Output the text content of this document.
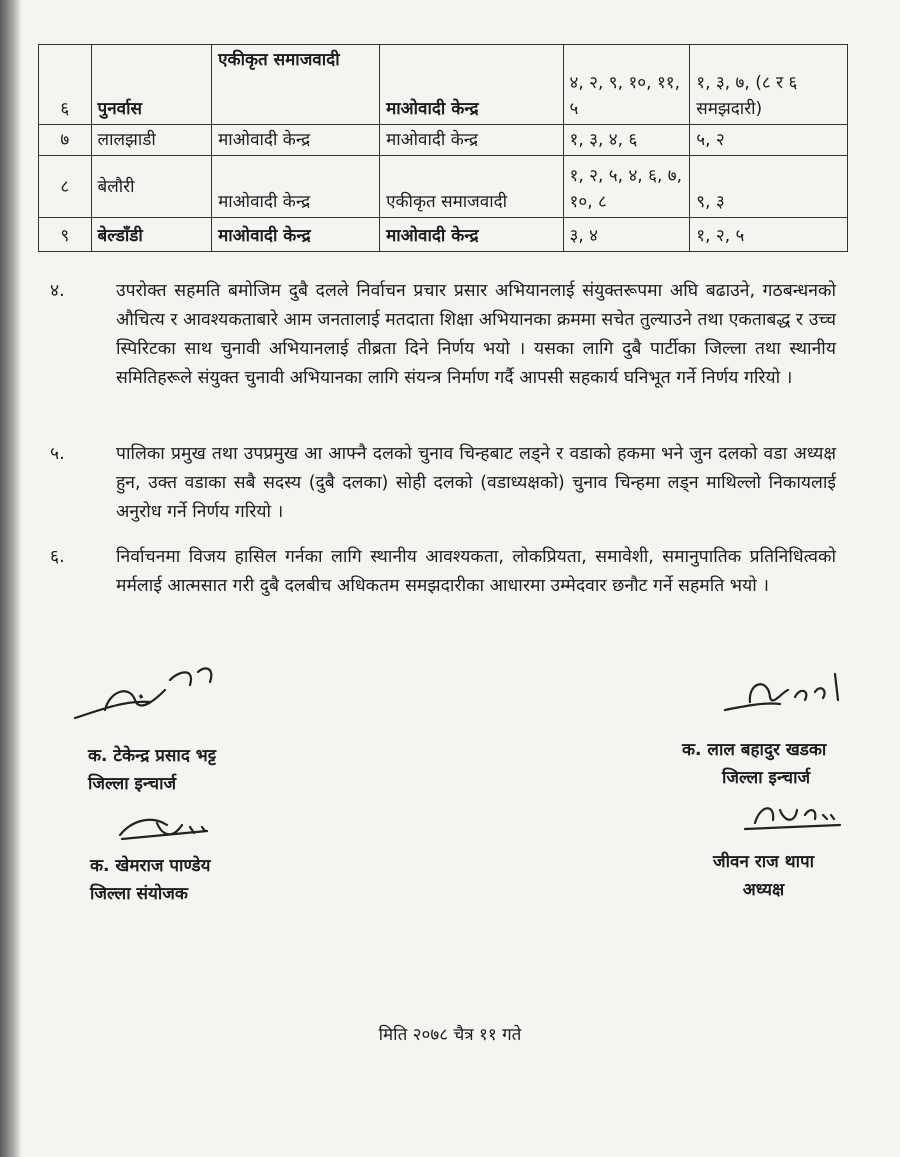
६	पुनर्वास	एकीकृत समाजवादी	माओवादी केन्द्र	४, २, ९, १०, ११, ५	१, ३, ७, (८ र ६ समझदारी)
७	लालझाडी	माओवादी केन्द्र	माओवादी केन्द्र	१, ३, ४, ६	५, २
८	बेलौरी	माओवादी केन्द्र	एकीकृत समाजवादी	१, २, ५, ४, ६, ७, १०, ८	९, ३
९	बेल्डाँडी	माओवादी केन्द्र	माओवादी केन्द्र	३, ४	१, २, ५
४.	उपरोक्त सहमति बमोजिम दुबै दलले निर्वाचन प्रचार प्रसार अभियानलाई संयुक्तरूपमा अघि बढाउने, गठबन्धनको औचित्य र आवश्यकताबारे आम जनतालाई मतदाता शिक्षा अभियानका क्रममा सचेत तुल्याउने तथा एकताबद्ध र उच्च स्पिरिटका साथ चुनावी अभियानलाई तीब्रता दिने निर्णय भयो । यसका लागि दुबै पार्टीका जिल्ला तथा स्थानीय समितिहरूले संयुक्त चुनावी अभियानका लागि संयन्त्र निर्माण गर्दै आपसी सहकार्य घनिभूत गर्ने निर्णय गरियो ।
५.	पालिका प्रमुख तथा उपप्रमुख आ आफ्नै दलको चुनाव चिन्हबाट लड्ने र वडाको हकमा भने जुन दलको वडा अध्यक्ष हुन, उक्त वडाका सबै सदस्य (दुबै दलका) सोही दलको (वडाध्यक्षको) चुनाव चिन्हमा लड्न माथिल्लो निकायलाई अनुरोध गर्ने निर्णय गरियो ।
६.	निर्वाचनमा विजय हासिल गर्नका लागि स्थानीय आवश्यकता, लोकप्रियता, समावेशी, समानुपातिक प्रतिनिधित्वको मर्मलाई आत्मसात गरी दुबै दलबीच अधिकतम समझदारीका आधारमा उम्मेदवार छनौट गर्ने सहमति भयो ।
क. टेकेन्द्र प्रसाद भट्ट
जिल्ला इन्चार्ज
क. खेमराज पाण्डेय
जिल्ला संयोजक
क. लाल बहादुर खडका
जिल्ला इन्चार्ज
जीवन राज थापा
अध्यक्ष
मिति २०७८ चैत्र ११ गते
